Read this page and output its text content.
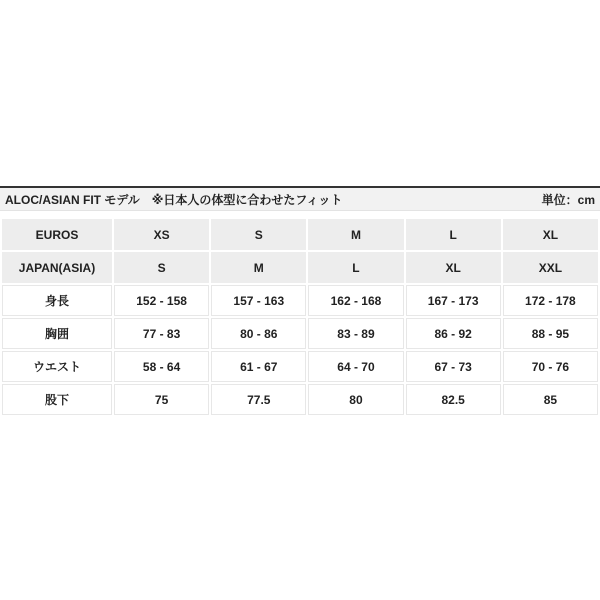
ALOC/ASIAN FIT モデル　※日本人の体型に合わせたフィット	単位：cm
EUROS	XS	S	M	L	XL
JAPAN(ASIA)	S	M	L	XL	XXL
身長	152 - 158	157 - 163	162 - 168	167 - 173	172 - 178
胸囲	77 - 83	80 - 86	83 - 89	86 - 92	88 - 95
ウエスト	58 - 64	61 - 67	64 - 70	67 - 73	70 - 76
股下	75	77.5	80	82.5	85
